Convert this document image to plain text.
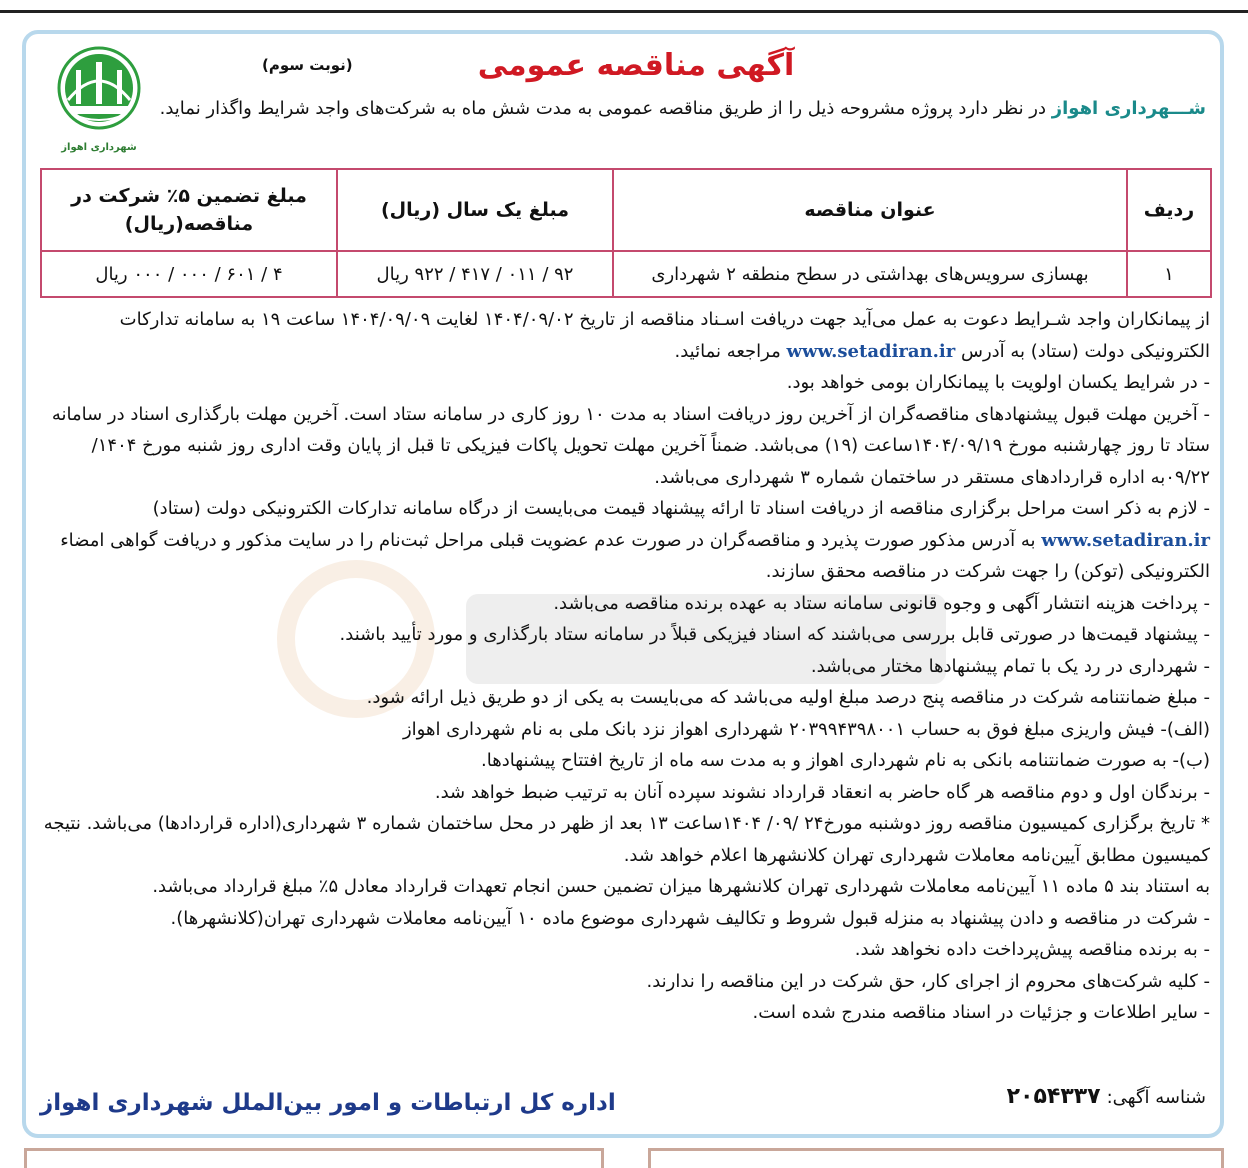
شهرداری اهواز
(نوبت سوم)	آگهی مناقصه عمومی

شـــهرداری اهواز در نظر دارد پروژه مشروحه ذیل را از طریق مناقصه عمومی به مدت شش ماه به شرکت‌های واجد شرایط واگذار نماید.

ردیف	عنوان مناقصه	مبلغ یک سال (ریال)	مبلغ تضمین ۵٪ شرکت در مناقصه(ریال)
۱	بهسازی سرویس‌های بهداشتی در سطح منطقه ۲ شهرداری	۹۲ / ۰۱۱ / ۴۱۷ / ۹۲۲ ریال	۴ / ۶۰۱ / ۰۰۰ / ۰۰۰ ریال

از پیمانکاران واجد شـرایط دعوت به عمل می‌آید جهت دریافت اسـناد مناقصه از تاریخ ۱۴۰۴/۰۹/۰۲ لغایت ۱۴۰۴/۰۹/۰۹ ساعت ۱۹ به سامانه تدارکات الکترونیکی دولت (ستاد) به آدرس www.setadiran.ir مراجعه نمائید.

- در شرایط یکسان اولویت با پیمانکاران بومی خواهد بود.

- آخرین مهلت قبول پیشنهادهای مناقصه‌گران از آخرین روز دریافت اسناد به مدت ۱۰ روز کاری در سامانه ستاد است. آخرین مهلت بارگذاری اسناد در سامانه ستاد تا روز چهارشنبه مورخ ۱۴۰۴/۰۹/۱۹ساعت (۱۹) می‌باشد. ضمناً آخرین مهلت تحویل پاکات فیزیکی تا قبل از پایان وقت اداری روز شنبه مورخ ۱۴۰۴/ ۰۹/۲۲به اداره قراردادهای مستقر در ساختمان شماره ۳ شهرداری می‌باشد.

- لازم به ذکر است مراحل برگزاری مناقصه از دریافت اسناد تا ارائه پیشنهاد قیمت می‌بایست از درگاه سامانه تدارکات الکترونیکی دولت (ستاد) www.setadiran.ir به آدرس مذکور صورت پذیرد و مناقصه‌گران در صورت عدم عضویت قبلی مراحل ثبت‌نام را در سایت مذکور و دریافت گواهی امضاء الکترونیکی (توکن) را جهت شرکت در مناقصه محقق سازند.

- پرداخت هزینه انتشار آگهی و وجوه قانونی سامانه ستاد به عهده برنده مناقصه می‌باشد.

- پیشنهاد قیمت‌ها در صورتی قابل بررسی می‌باشند که اسناد فیزیکی قبلاً در سامانه ستاد بارگذاری و مورد تأیید باشند.

- شهرداری در رد یک با تمام پیشنهادها مختار می‌باشد.

- مبلغ ضمانتنامه شرکت در مناقصه پنج درصد مبلغ اولیه می‌باشد که می‌بایست به یکی از دو طریق ذیل ارائه شود.

(الف)- فیش واریزی مبلغ فوق به حساب ۲۰۳۹۹۴۳۹۸۰۰۱ شهرداری اهواز نزد بانک ملی به نام شهرداری اهواز

(ب)- به صورت ضمانتنامه بانکی به نام شهرداری اهواز و به مدت سه ماه از تاریخ افتتاح پیشنهادها.

- برندگان اول و دوم مناقصه هر گاه حاضر به انعقاد قرارداد نشوند سپرده آنان به ترتیب ضبط خواهد شد.

* تاریخ برگزاری کمیسیون مناقصه روز دوشنبه مورخ۲۴ /۰۹/ ۱۴۰۴ساعت ۱۳ بعد از ظهر در محل ساختمان شماره ۳ شهرداری(اداره قراردادها) می‌باشد. نتیجه کمیسیون مطابق آیین‌نامه معاملات شهرداری تهران کلانشهرها اعلام خواهد شد.

به استناد بند ۵ ماده ۱۱ آیین‌نامه معاملات شهرداری تهران کلانشهرها میزان تضمین حسن انجام تعهدات قرارداد معادل ۵٪ مبلغ قرارداد می‌باشد.

- شرکت در مناقصه و دادن پیشنهاد به منزله قبول شروط و تکالیف شهرداری موضوع ماده ۱۰ آیین‌نامه معاملات شهرداری تهران(کلانشهرها).

- به برنده مناقصه پیش‌پرداخت داده نخواهد شد.

- کلیه شرکت‌های محروم از اجرای کار، حق شرکت در این مناقصه را ندارند.

- سایر اطلاعات و جزئیات در اسناد مناقصه مندرج شده است.

شناسه آگهی:۲۰۵۴۳۳۷
اداره کل ارتباطات و امور بین‌الملل شهرداری اهواز
